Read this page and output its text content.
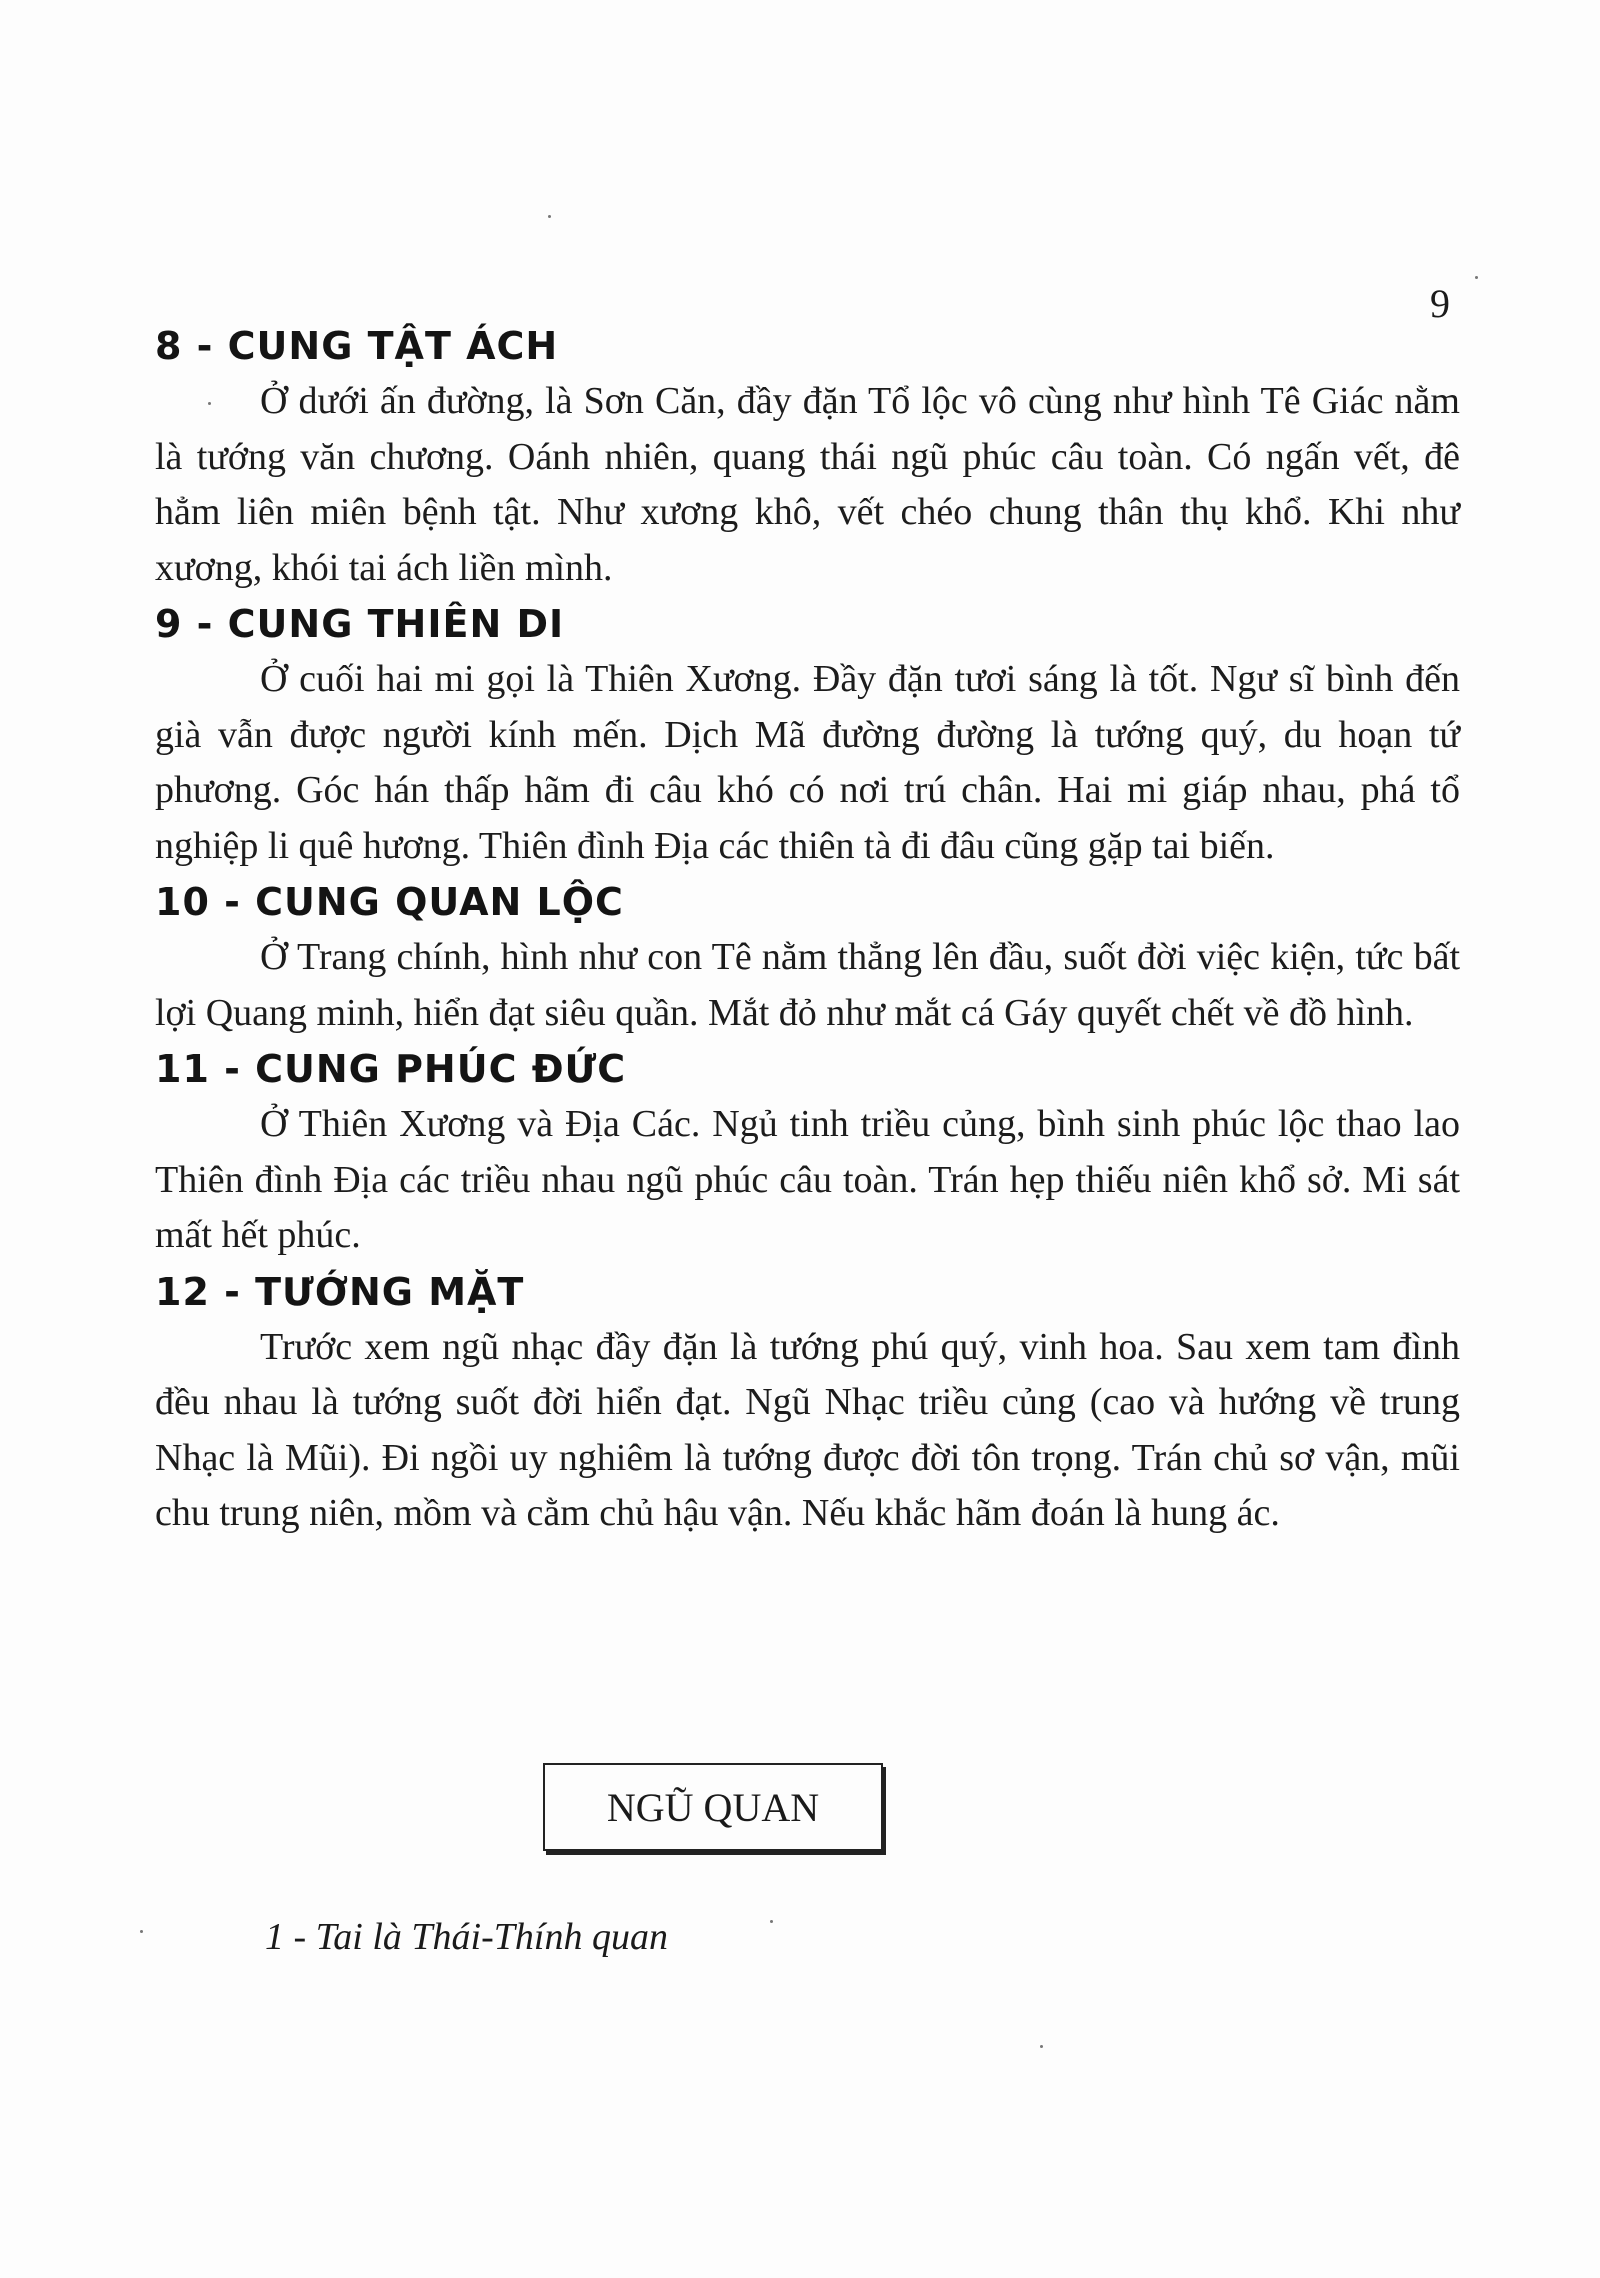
9
8 - CUNG TẬT ÁCH

Ở dưới ấn đường, là Sơn Căn, đầy đặn Tổ lộc vô cùng như hình Tê Giác nằm là tướng văn chương. Oánh nhiên, quang thái ngũ phúc câu toàn. Có ngấn vết, đê hẳm liên miên bệnh tật. Như xương khô, vết chéo chung thân thụ khổ. Khi như xương, khói tai ách liền mình.

9 - CUNG THIÊN DI

Ở cuối hai mi gọi là Thiên Xương. Đầy đặn tươi sáng là tốt. Ngư sĩ bình đến già vẫn được người kính mến. Dịch Mã đường đường là tướng quý, du hoạn tứ phương. Góc hán thấp hãm đi câu khó có nơi trú chân. Hai mi giáp nhau, phá tổ nghiệp li quê hương. Thiên đình Địa các thiên tà đi đâu cũng gặp tai biến.

10 - CUNG QUAN LỘC

Ở Trang chính, hình như con Tê nằm thẳng lên đầu, suốt đời việc kiện, tức bất lợi Quang minh, hiển đạt siêu quần. Mắt đỏ như mắt cá Gáy quyết chết về đồ hình.

11 - CUNG PHÚC ĐỨC

Ở Thiên Xương và Địa Các. Ngủ tinh triều củng, bình sinh phúc lộc thao lao Thiên đình Địa các triều nhau ngũ phúc câu toàn. Trán hẹp thiếu niên khổ sở. Mi sát mất hết phúc.

12 - TƯỚNG MẶT

Trước xem ngũ nhạc đầy đặn là tướng phú quý, vinh hoa. Sau xem tam đình đều nhau là tướng suốt đời hiển đạt. Ngũ Nhạc triều củng (cao và hướng về trung Nhạc là Mũi). Đi ngồi uy nghiêm là tướng được đời tôn trọng. Trán chủ sơ vận, mũi chu trung niên, mồm và cằm chủ hậu vận. Nếu khắc hãm đoán là hung ác.

NGŨ QUAN
1 - Tai là Thái-Thính quan
